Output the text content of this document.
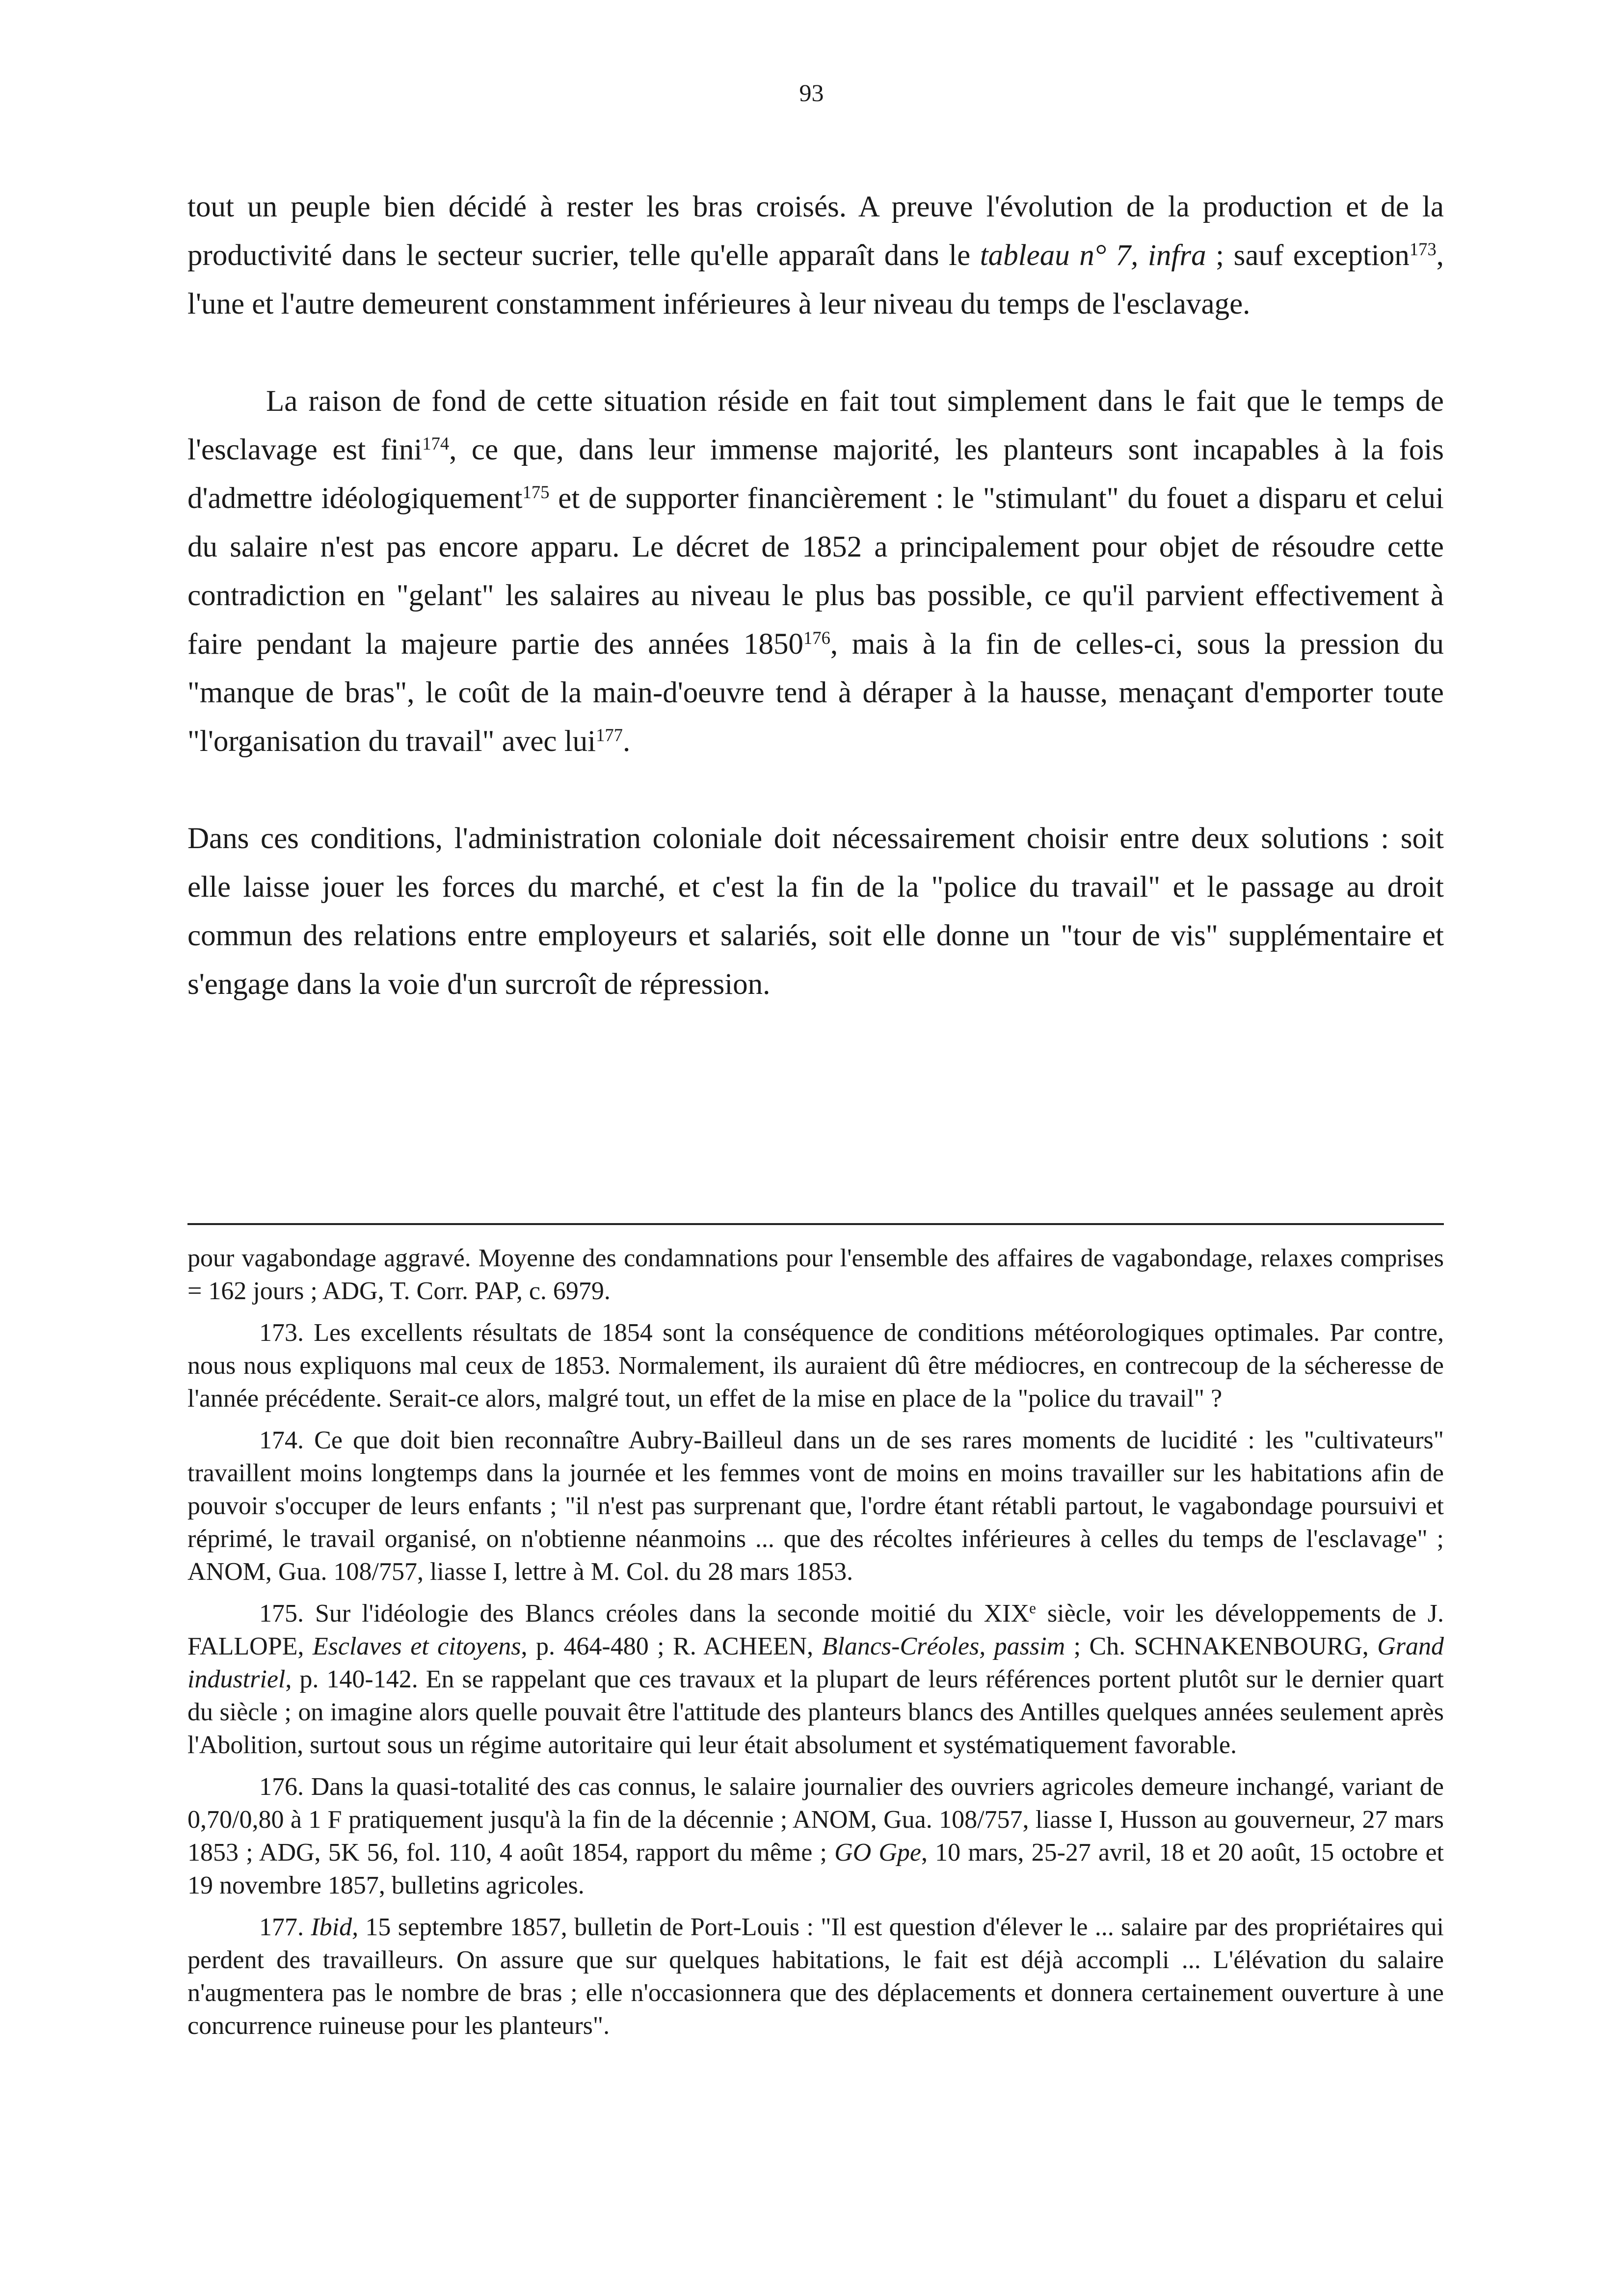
93

tout un peuple bien décidé à rester les bras croisés. A preuve l'évolution de la production et de la productivité dans le secteur sucrier, telle qu'elle apparaît dans le tableau n° 7, infra ; sauf exception$^{173}$, l'une et l'autre demeurent constamment inférieures à leur niveau du temps de l'esclavage.

La raison de fond de cette situation réside en fait tout simplement dans le fait que le temps de l'esclavage est fini$^{174}$, ce que, dans leur immense majorité, les planteurs sont incapables à la fois d'admettre idéologiquement$^{175}$ et de supporter financièrement : le "stimulant" du fouet a disparu et celui du salaire n'est pas encore apparu. Le décret de 1852 a principalement pour objet de résoudre cette contradiction en "gelant" les salaires au niveau le plus bas possible, ce qu'il parvient effectivement à faire pendant la majeure partie des années 1850$^{176}$, mais à la fin de celles-ci, sous la pression du "manque de bras", le coût de la main-d'oeuvre tend à déraper à la hausse, menaçant d'emporter toute "l'organisation du travail" avec lui$^{177}$.

Dans ces conditions, l'administration coloniale doit nécessairement choisir entre deux solutions : soit elle laisse jouer les forces du marché, et c'est la fin de la "police du travail" et le passage au droit commun des relations entre employeurs et salariés, soit elle donne un "tour de vis" supplémentaire et s'engage dans la voie d'un surcroît de répression.

pour vagabondage aggravé. Moyenne des condamnations pour l'ensemble des affaires de vagabondage, relaxes comprises = 162 jours ; ADG, T. Corr. PAP, c. 6979.

173. Les excellents résultats de 1854 sont la conséquence de conditions météorologiques optimales. Par contre, nous nous expliquons mal ceux de 1853. Normalement, ils auraient dû être médiocres, en contrecoup de la sécheresse de l'année précédente. Serait-ce alors, malgré tout, un effet de la mise en place de la "police du travail" ?

174. Ce que doit bien reconnaître Aubry-Bailleul dans un de ses rares moments de lucidité : les "cultivateurs" travaillent moins longtemps dans la journée et les femmes vont de moins en moins travailler sur les habitations afin de pouvoir s'occuper de leurs enfants ; "il n'est pas surprenant que, l'ordre étant rétabli partout, le vagabondage poursuivi et réprimé, le travail organisé, on n'obtienne néanmoins ... que des récoltes inférieures à celles du temps de l'esclavage" ; ANOM, Gua. 108/757, liasse I, lettre à M. Col. du 28 mars 1853.

175. Sur l'idéologie des Blancs créoles dans la seconde moitié du XIXe siècle, voir les développements de J. FALLOPE, Esclaves et citoyens, p. 464-480 ; R. ACHEEN, Blancs-Créoles, passim ; Ch. SCHNAKENBOURG, Grand industriel, p. 140-142. En se rappelant que ces travaux et la plupart de leurs références portent plutôt sur le dernier quart du siècle ; on imagine alors quelle pouvait être l'attitude des planteurs blancs des Antilles quelques années seulement après l'Abolition, surtout sous un régime autoritaire qui leur était absolument et systématiquement favorable.

176. Dans la quasi-totalité des cas connus, le salaire journalier des ouvriers agricoles demeure inchangé, variant de 0,70/0,80 à 1 F pratiquement jusqu'à la fin de la décennie ; ANOM, Gua. 108/757, liasse I, Husson au gouverneur, 27 mars 1853 ; ADG, 5K 56, fol. 110, 4 août 1854, rapport du même ; GO Gpe, 10 mars, 25-27 avril, 18 et 20 août, 15 octobre et 19 novembre 1857, bulletins agricoles.

177. Ibid, 15 septembre 1857, bulletin de Port-Louis : "Il est question d'élever le ... salaire par des propriétaires qui perdent des travailleurs. On assure que sur quelques habitations, le fait est déjà accompli ... L'élévation du salaire n'augmentera pas le nombre de bras ; elle n'occasionnera que des déplacements et donnera certainement ouverture à une concurrence ruineuse pour les planteurs".
